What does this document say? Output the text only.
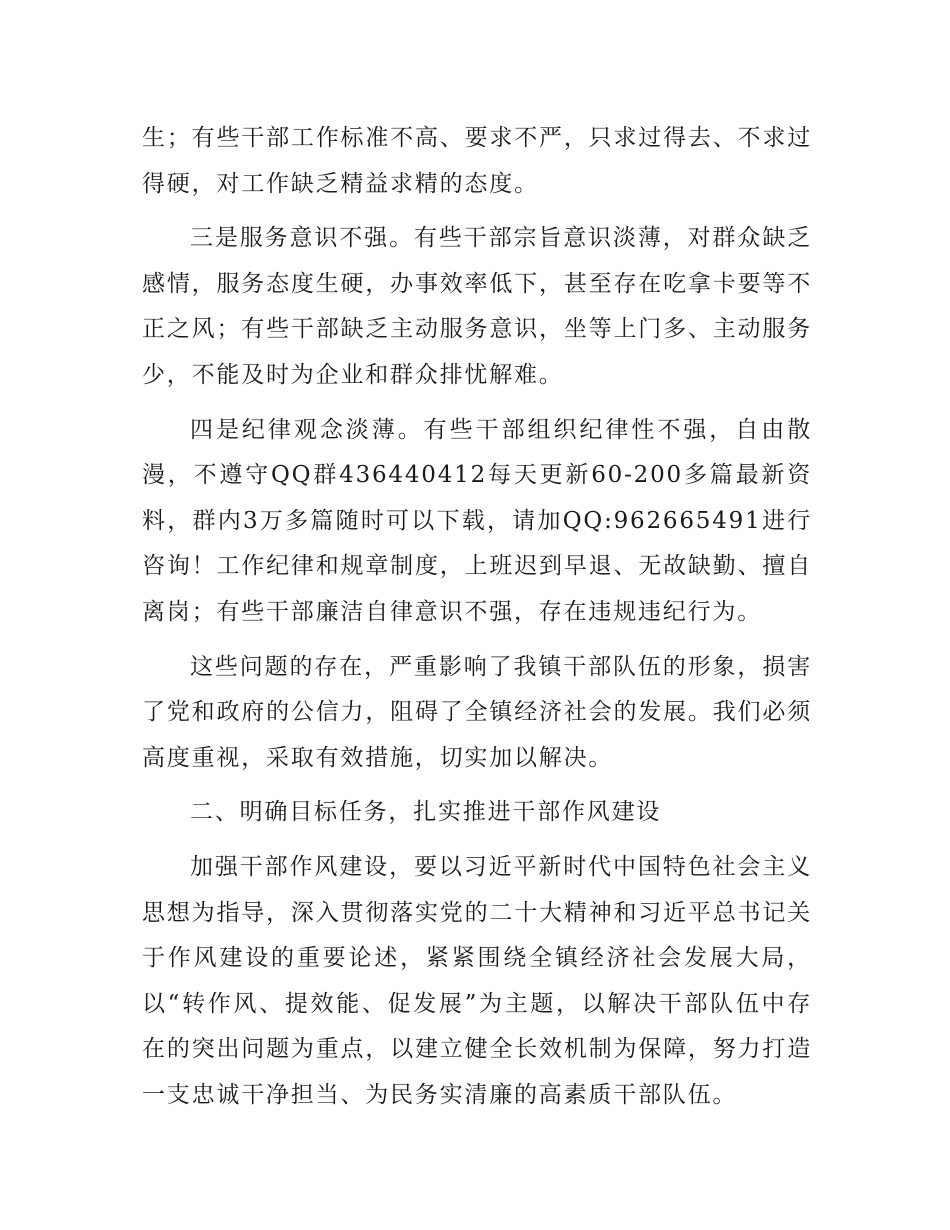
生；有些干部工作标准不高、要求不严，只求过得去、不求过得硬，对工作缺乏精益求精的态度。

三是服务意识不强。有些干部宗旨意识淡薄，对群众缺乏感情，服务态度生硬，办事效率低下，甚至存在吃拿卡要等不正之风；有些干部缺乏主动服务意识，坐等上门多、主动服务少，不能及时为企业和群众排忧解难。

四是纪律观念淡薄。有些干部组织纪律性不强，自由散漫，不遵守QQ群436440412每天更新60-200多篇最新资料，群内3万多篇随时可以下载，请加QQ:962665491进行咨询！工作纪律和规章制度，上班迟到早退、无故缺勤、擅自离岗；有些干部廉洁自律意识不强，存在违规违纪行为。

这些问题的存在，严重影响了我镇干部队伍的形象，损害了党和政府的公信力，阻碍了全镇经济社会的发展。我们必须高度重视，采取有效措施，切实加以解决。

二、明确目标任务，扎实推进干部作风建设

加强干部作风建设，要以习近平新时代中国特色社会主义思想为指导，深入贯彻落实党的二十大精神和习近平总书记关于作风建设的重要论述，紧紧围绕全镇经济社会发展大局，以“转作风、提效能、促发展”为主题，以解决干部队伍中存在的突出问题为重点，以建立健全长效机制为保障，努力打造一支忠诚干净担当、为民务实清廉的高素质干部队伍。
